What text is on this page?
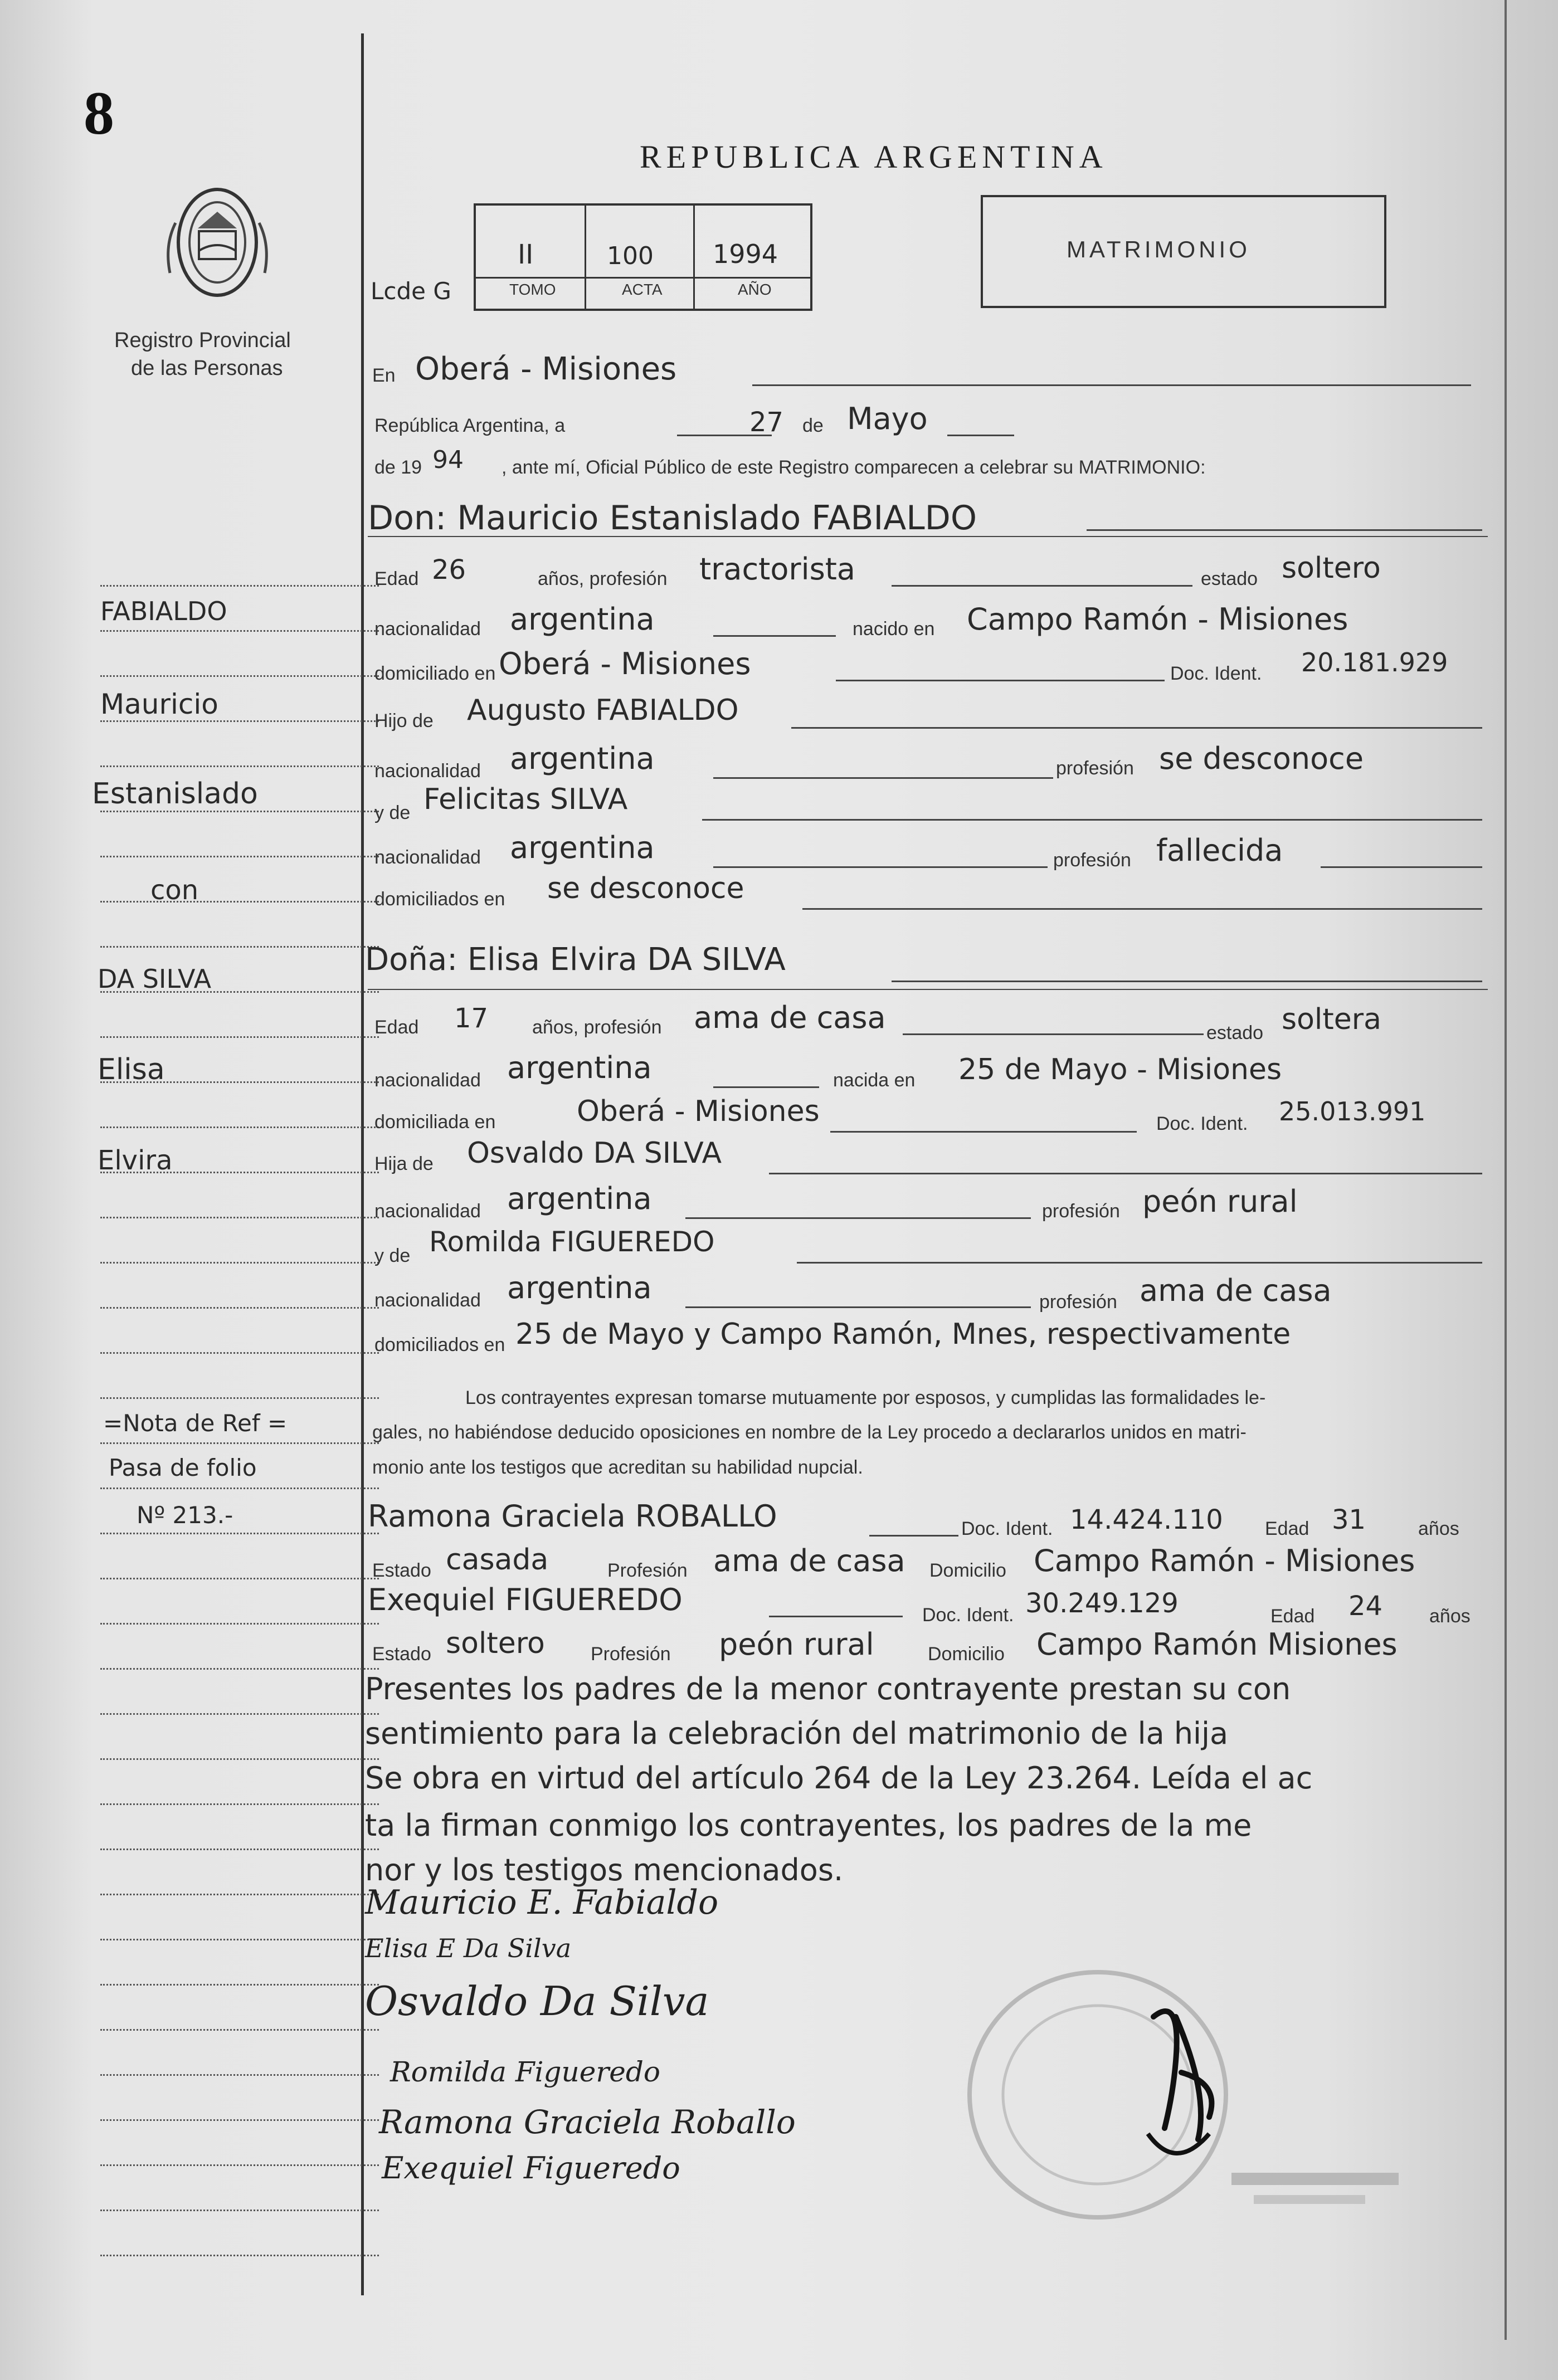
8
Registro Provincial
de las Personas
REPUBLICA ARGENTINA
Lcde G
II	100 1994
TOMO	ACTA	AÑO
MATRIMONIO
FABIALDO
Mauricio
Estanislado
con
DA SILVA
Elisa
Elvira
=Nota de Ref =
Pasa de folio
Nº 213.-
En Oberá - Misiones
República Argentina, a	27 de Mayo
de 19 94 , ante mí, Oficial Público de este Registro comparecen a celebrar su MATRIMONIO:
Don: Mauricio Estanislado FABIALDO
Edad 26	años, profesión tractorista	estado soltero
nacionalidad argentina	nacido en Campo Ramón - Misiones
domiciliado en Oberá - Misiones	Doc. Ident. 20.181.929
Hijo de Augusto FABIALDO
nacionalidad argentina	profesión se desconoce
y de Felicitas SILVA
nacionalidad argentina	profesión fallecida
domiciliados en se desconoce
Doña: Elisa Elvira DA SILVA
Edad 17 años, profesión ama de casa	estado soltera
nacionalidad argentina	nacida en 25 de Mayo - Misiones
domiciliada en	Oberá - Misiones	Doc. Ident. 25.013.991
Hija de Osvaldo DA SILVA
nacionalidad argentina	profesión peón rural
y de Romilda FIGUEREDO
nacionalidad argentina	profesión ama de casa
domiciliados en 25 de Mayo y Campo Ramón, Mnes, respectivamente
Los contrayentes expresan tomarse mutuamente por esposos, y cumplidas las formalidades le-
gales, no habiéndose deducido oposiciones en nombre de la Ley procedo a declararlos unidos en matri-
monio ante los testigos que acreditan su habilidad nupcial.
Ramona Graciela ROBALLO	Doc. Ident. 14.424.110 Edad 31	años
Estado casada	Profesión ama de casa Domicilio Campo Ramón - Misiones
Exequiel FIGUEREDO	Doc. Ident. 30.249.129	Edad 24 años
Estado soltero Profesión peón rural	Domicilio Campo Ramón Misiones
Presentes los padres de la menor contrayente prestan su con
sentimiento para la celebración del matrimonio de la hija
Se obra en virtud del artículo 264 de la Ley 23.264. Leída el ac
ta la firman conmigo los contrayentes, los padres de la me
nor y los testigos mencionados.
Mauricio E. Fabialdo
Elisa E Da Silva
Osvaldo Da Silva
Romilda Figueredo
Ramona Graciela Roballo
Exequiel Figueredo
